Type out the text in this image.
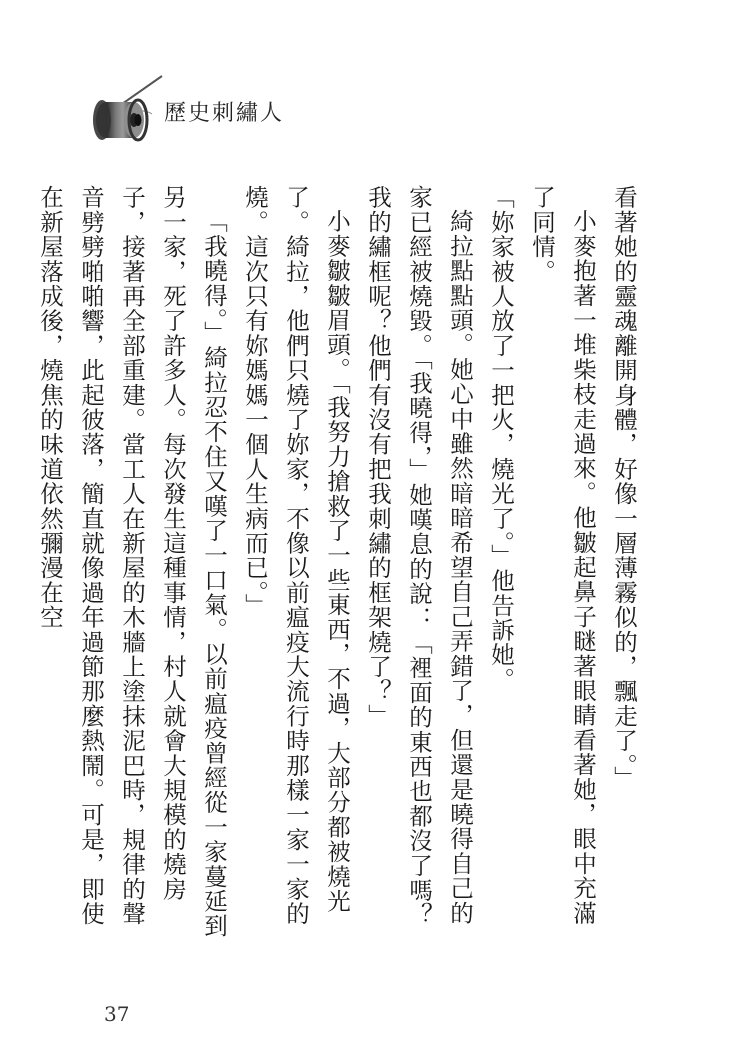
歷史刺繡人

看著她的靈魂離開身體，好像一層薄霧似的，飄走了。」

小麥抱著一堆柴枝走過來。他皺起鼻子瞇著眼睛看著她，眼中充滿了同情。

「妳家被人放了一把火，燒光了。」他告訴她。

綺拉點點頭。她心中雖然暗暗希望自己弄錯了，但還是曉得自己的家已經被燒毀。「我曉得，」她嘆息的說：「裡面的東西也都沒了嗎？我的繡框呢？他們有沒有把我刺繡的框架燒了？」

小麥皺皺眉頭。「我努力搶救了一些東西，不過，大部分都被燒光了。綺拉，他們只燒了妳家，不像以前瘟疫大流行時那樣一家一家的燒。這次只有妳媽媽一個人生病而已。」

「我曉得。」綺拉忍不住又嘆了一口氣。以前瘟疫曾經從一家蔓延到另一家，死了許多人。每次發生這種事情，村人就會大規模的燒房子，接著再全部重建。當工人在新屋的木牆上塗抹泥巴時，規律的聲音劈劈啪啪響，此起彼落，簡直就像過年過節那麼熱鬧。可是，即使在新屋落成後，燒焦的味道依然彌漫在空

37
